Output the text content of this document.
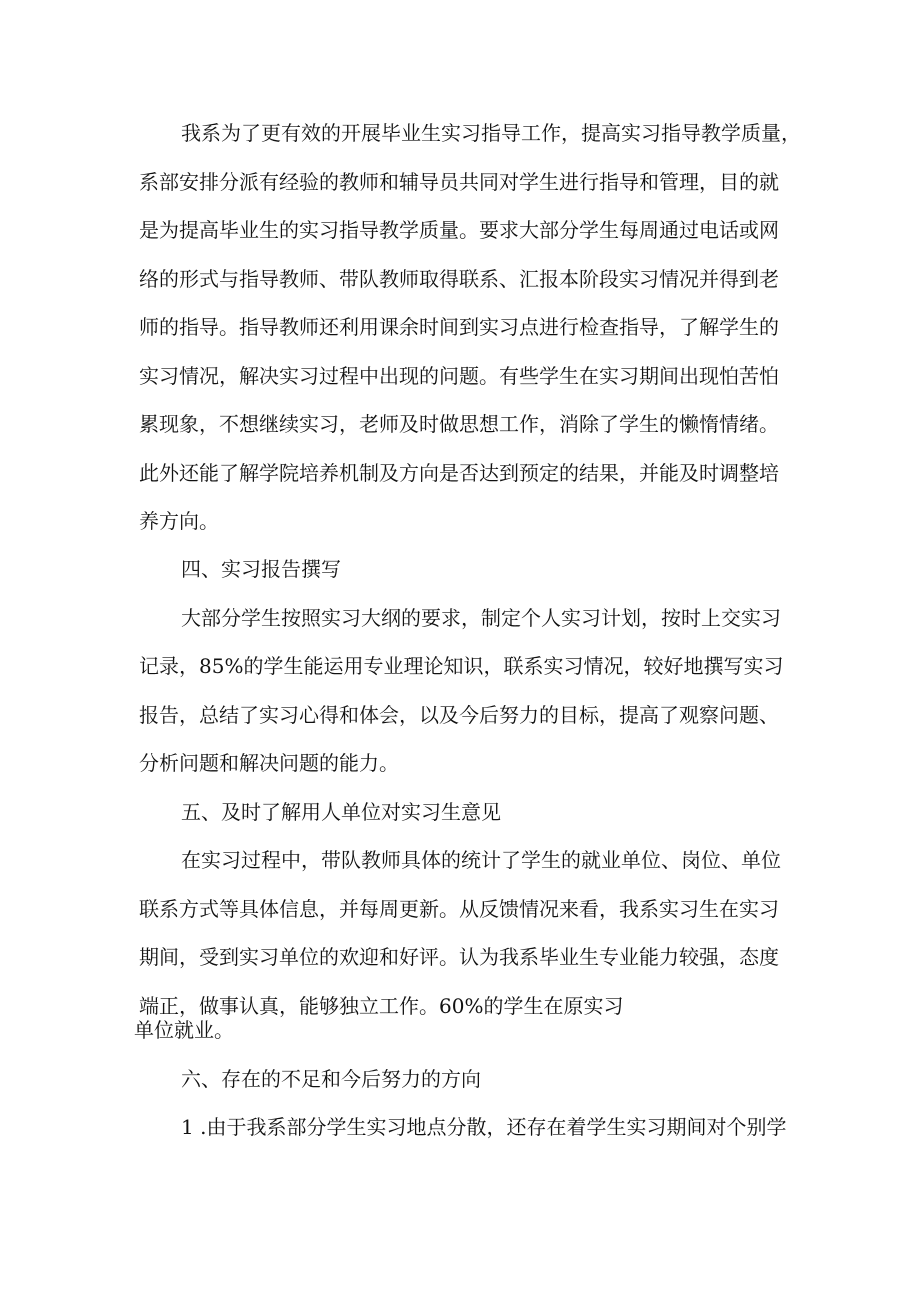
我系为了更有效的开展毕业生实习指导工作，提高实习指导教学质量，
系部安排分派有经验的教师和辅导员共同对学生进行指导和管理，目的就
是为提高毕业生的实习指导教学质量。要求大部分学生每周通过电话或网
络的形式与指导教师、带队教师取得联系、汇报本阶段实习情况并得到老
师的指导。指导教师还利用课余时间到实习点进行检查指导，了解学生的
实习情况，解决实习过程中出现的问题。有些学生在实习期间出现怕苦怕
累现象，不想继续实习，老师及时做思想工作，消除了学生的懒惰情绪。
此外还能了解学院培养机制及方向是否达到预定的结果，并能及时调整培
养方向。
四、实习报告撰写
大部分学生按照实习大纲的要求，制定个人实习计划，按时上交实习
记录，85%的学生能运用专业理论知识，联系实习情况，较好地撰写实习
报告，总结了实习心得和体会，以及今后努力的目标，提高了观察问题、
分析问题和解决问题的能力。
五、及时了解用人单位对实习生意见
在实习过程中，带队教师具体的统计了学生的就业单位、岗位、单位
联系方式等具体信息，并每周更新。从反馈情况来看，我系实习生在实习
期间，受到实习单位的欢迎和好评。认为我系毕业生专业能力较强，态度
端正，做事认真，能够独立工作。60%的学生在原实习
单位就业。
六、存在的不足和今后努力的方向
1 .由于我系部分学生实习地点分散，还存在着学生实习期间对个别学
